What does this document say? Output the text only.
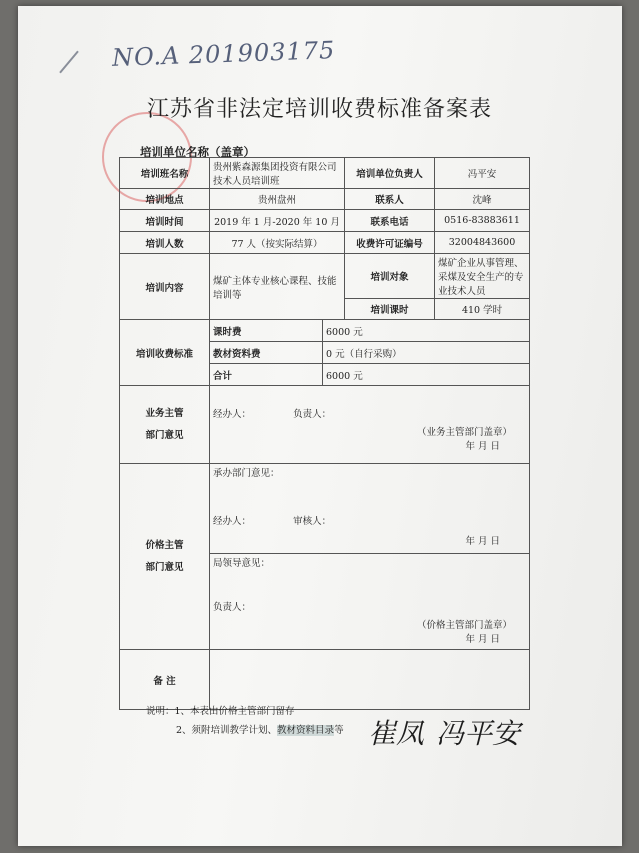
NO.A 201903175
江苏省非法定培训收费标准备案表
培训单位名称（盖章）
培训班名称	贵州紫森源集团投资有限公司技术人员培训班		培训单位负责人	冯平安
培训地点	贵州盘州		联系人	沈峰
培训时间	2019 年 1 月-2020 年 10 月		联系电话	0516-83883611
培训人数	77 人（按实际结算）		收费许可证编号	32004843600
培训内容	煤矿主体专业核心课程、技能培训等		培训对象	煤矿企业从事管理、采煤及安全生产的专业技术人员
			培训课时	410 学时
培训收费标准	课时费	6000 元		
	教材资料费	0 元（自行采购）		
	合计	6000 元		

业务主管
部门意见	经办人： 负责人：
（业务主管部门盖章）
年 月 日			

价格主管
部门意见	承办部门意见：
经办人： 审核人：
年 月 日			

	局领导意见：
负责人：
（价格主管部门盖章）
年 月 日			

备 注				
说明：1、本表由价格主管部门留存
2、须附培训教学计划、教材资料目录等 崔凤 冯平安
